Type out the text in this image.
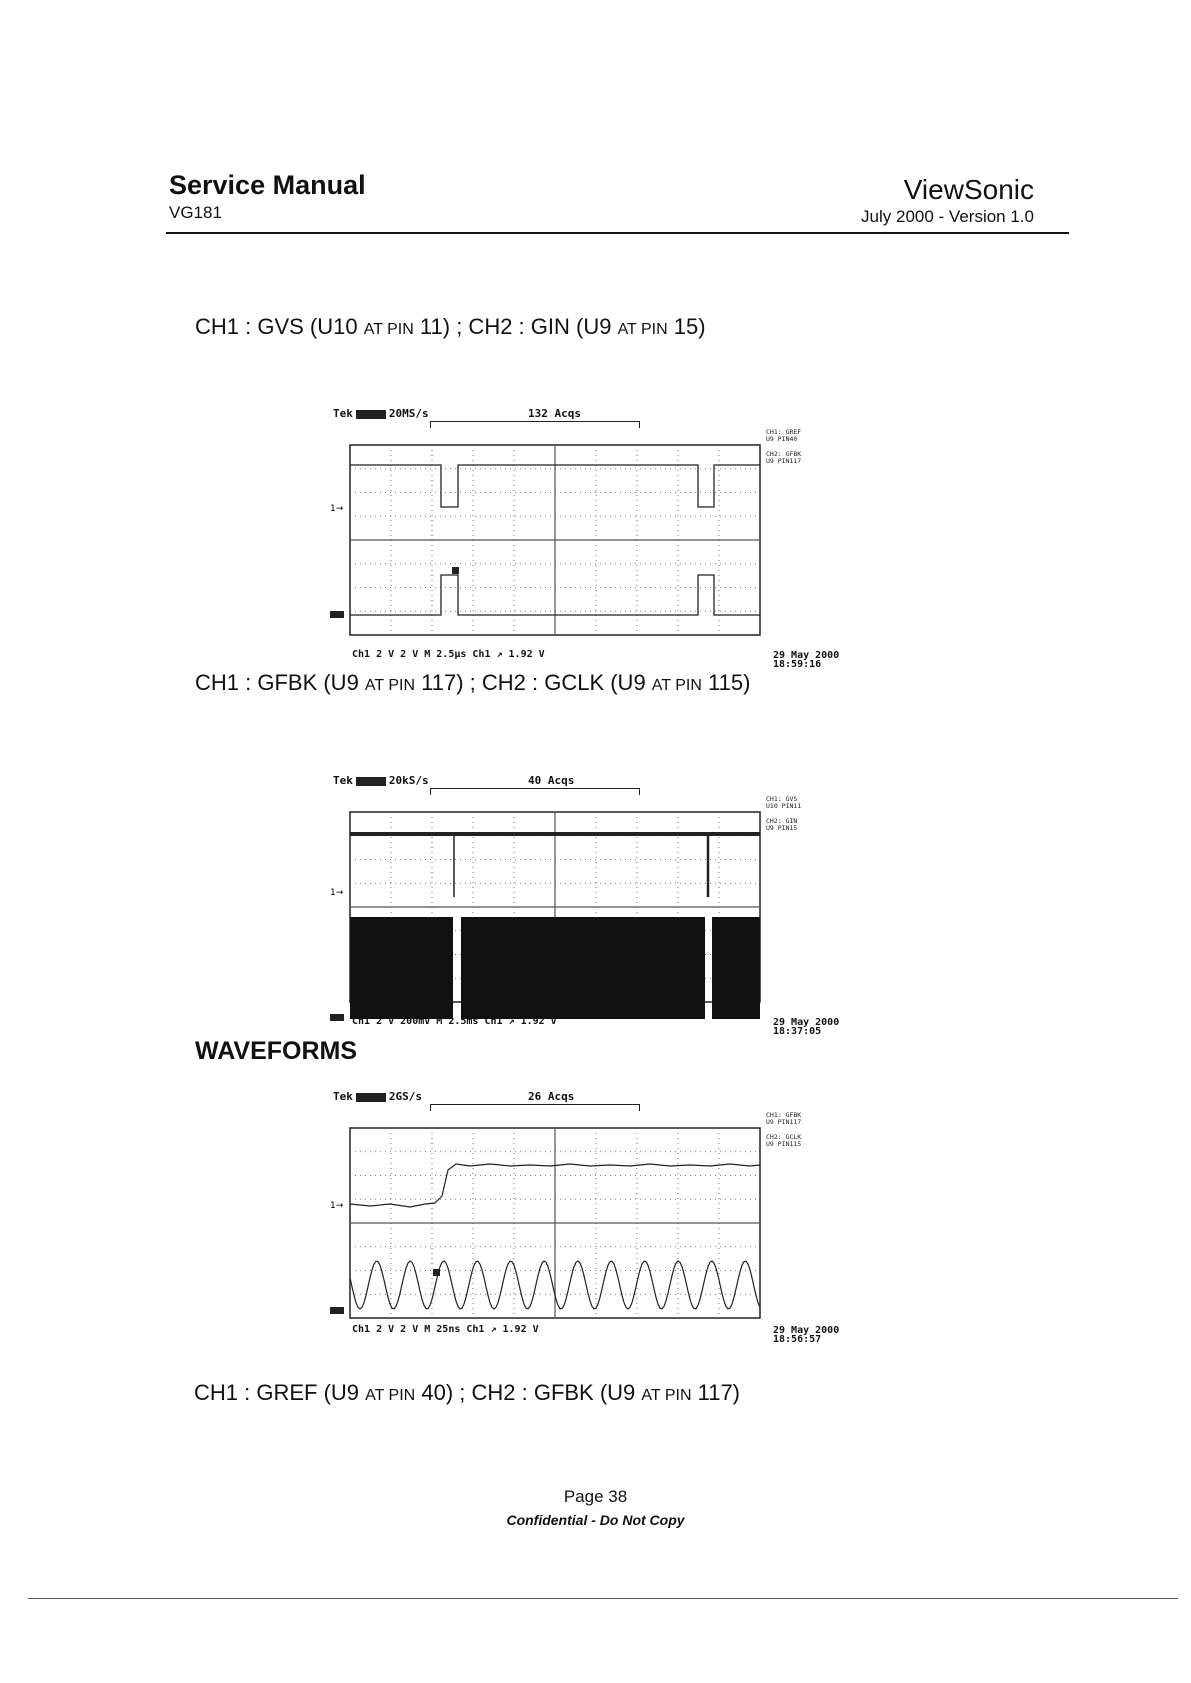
Service Manual
VG181
ViewSonic
July 2000 - Version 1.0
CH1 : GVS (U10 AT PIN 11) ; CH2 : GIN (U9 AT PIN 15)
Tek	20MS/s	132 Acqs
1→
CH1: GREF
U9 PIN40
CH2: GFBK
U9 PIN117
Ch1 2 V 2 V M 2.5µs Ch1 ↗ 1.92 V	29 May 2000
18:59:16
CH1 : GFBK (U9 AT PIN 117) ; CH2 : GCLK (U9 AT PIN 115)
Tek	20kS/s	40 Acqs
1→
CH1: GVS
U10 PIN11
CH2: GIN
U9 PIN15
Ch1 2 V 200mV M 2.5ms Ch1 ↗ 1.92 V	29 May 2000
18:37:05
WAVEFORMS
Tek	2GS/s	26 Acqs
1→
CH1: GFBK
U9 PIN117
CH2: GCLK
U9 PIN115
Ch1 2 V 2 V M 25ns Ch1 ↗ 1.92 V	29 May 2000
18:56:57
CH1 : GREF (U9 AT PIN 40) ; CH2 : GFBK (U9 AT PIN 117)
Page 38
Confidential - Do Not Copy
